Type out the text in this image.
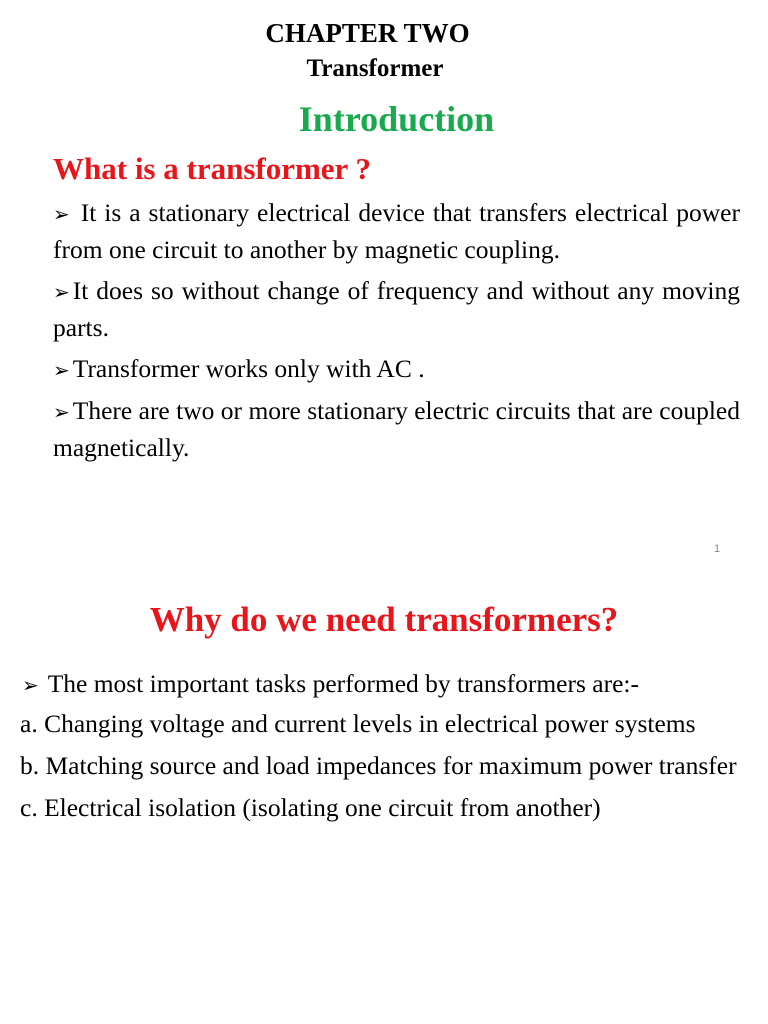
CHAPTER TWO
Transformer
Introduction
What is a transformer ?
➢ It is a stationary electrical device that transfers electrical power from one circuit to another by magnetic coupling.
➢ It does so without change of frequency and without any moving parts.
➢ Transformer works only with AC .
➢ There are two or more stationary electric circuits that are coupled magnetically.
1
Why do we need transformers?
➢ The most important tasks performed by transformers are:-
a. Changing voltage and current levels in electrical power systems
b. Matching source and load impedances for maximum power transfer
c. Electrical isolation (isolating one circuit from another)
